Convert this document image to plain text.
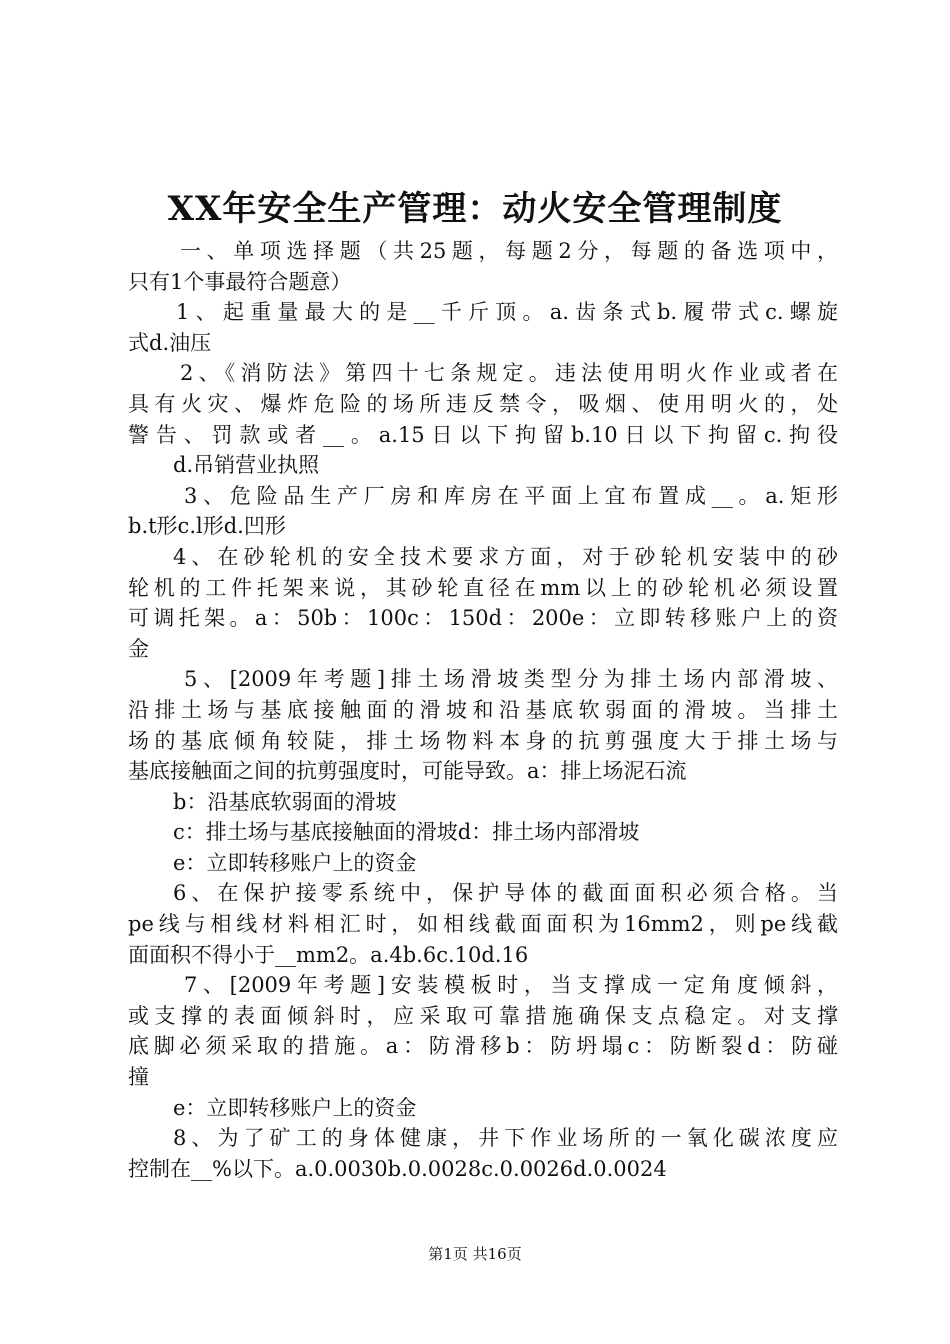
XX年安全生产管理：动火安全管理制度
一、单项选择题（共25题，每题2分，每题的备选项中，
只有1个事最符合题意）
1、起重量最大的是__千斤顶。a.齿条式b.履带式c.螺旋
式d.油压
2、《消防法》第四十七条规定。违法使用明火作业或者在
具有火灾、爆炸危险的场所违反禁令，吸烟、使用明火的，处
警告、罚款或者__。a.15日以下拘留b.10日以下拘留c.拘役
d.吊销营业执照
3、危险品生产厂房和库房在平面上宜布置成__。a.矩形
b.t形c.l形d.凹形
4、在砂轮机的安全技术要求方面，对于砂轮机安装中的砂
轮机的工件托架来说，其砂轮直径在mm以上的砂轮机必须设置
可调托架。a：50b：100c：150d：200e：立即转移账户上的资
金
5、[2009年考题]排土场滑坡类型分为排土场内部滑坡、
沿排土场与基底接触面的滑坡和沿基底软弱面的滑坡。当排土
场的基底倾角较陡，排土场物料本身的抗剪强度大于排土场与
基底接触面之间的抗剪强度时，可能导致。a：排上场泥石流
b：沿基底软弱面的滑坡
c：排土场与基底接触面的滑坡d：排土场内部滑坡
e：立即转移账户上的资金
6、在保护接零系统中，保护导体的截面面积必须合格。当
pe线与相线材料相汇时，如相线截面面积为16mm2，则pe线截
面面积不得小于__mm2。a.4b.6c.10d.16
7、[2009年考题]安装模板时，当支撑成一定角度倾斜，
或支撑的表面倾斜时，应采取可靠措施确保支点稳定。对支撑
底脚必须采取的措施。a：防滑移b：防坍塌c：防断裂d：防碰
撞
e：立即转移账户上的资金
8、为了矿工的身体健康，井下作业场所的一氧化碳浓度应
控制在__%以下。a.0.0030b.0.0028c.0.0026d.0.0024
第1页 共16页
